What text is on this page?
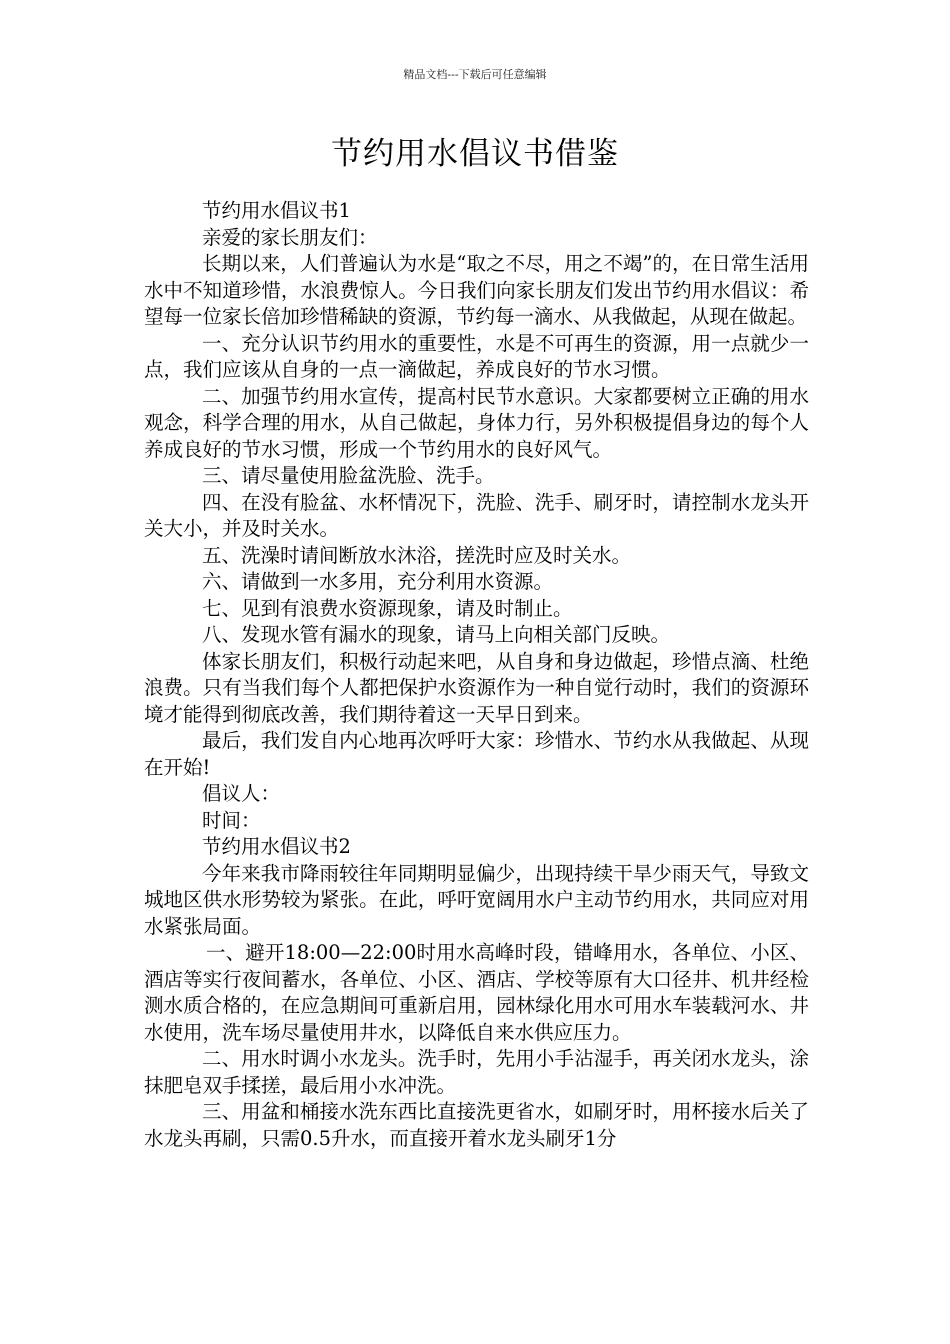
精品文档---下载后可任意编辑
节约用水倡议书借鉴

节约用水倡议书1

亲爱的家长朋友们：

长期以来，人们普遍认为水是“取之不尽，用之不竭”的，在日常生活用水中不知道珍惜，水浪费惊人。今日我们向家长朋友们发出节约用水倡议：希望每一位家长倍加珍惜稀缺的资源，节约每一滴水、从我做起，从现在做起。

一、充分认识节约用水的重要性，水是不可再生的资源，用一点就少一点，我们应该从自身的一点一滴做起，养成良好的节水习惯。

二、加强节约用水宣传，提高村民节水意识。大家都要树立正确的用水观念，科学合理的用水，从自己做起，身体力行，另外积极提倡身边的每个人养成良好的节水习惯，形成一个节约用水的良好风气。

三、请尽量使用脸盆洗脸、洗手。

四、在没有脸盆、水杯情况下，洗脸、洗手、刷牙时，请控制水龙头开关大小，并及时关水。

五、洗澡时请间断放水沐浴，搓洗时应及时关水。

六、请做到一水多用，充分利用水资源。

七、见到有浪费水资源现象，请及时制止。

八、发现水管有漏水的现象，请马上向相关部门反映。

体家长朋友们，积极行动起来吧，从自身和身边做起，珍惜点滴、杜绝浪费。只有当我们每个人都把保护水资源作为一种自觉行动时，我们的资源环境才能得到彻底改善，我们期待着这一天早日到来。

最后，我们发自内心地再次呼吁大家：珍惜水、节约水从我做起、从现在开始!

倡议人：

时间：

节约用水倡议书2

今年来我市降雨较往年同期明显偏少，出现持续干旱少雨天气，导致文城地区供水形势较为紧张。在此，呼吁宽阔用水户主动节约用水，共同应对用水紧张局面。

一、避开18:00—22:00时用水高峰时段，错峰用水，各单位、小区、酒店等实行夜间蓄水，各单位、小区、酒店、学校等原有大口径井、机井经检测水质合格的，在应急期间可重新启用，园林绿化用水可用水车装载河水、井水使用，洗车场尽量使用井水，以降低自来水供应压力。

二、用水时调小水龙头。洗手时，先用小手沾湿手，再关闭水龙头，涂抹肥皂双手揉搓，最后用小水冲洗。

三、用盆和桶接水洗东西比直接洗更省水，如刷牙时，用杯接水后关了水龙头再刷，只需0.5升水，而直接开着水龙头刷牙1分
